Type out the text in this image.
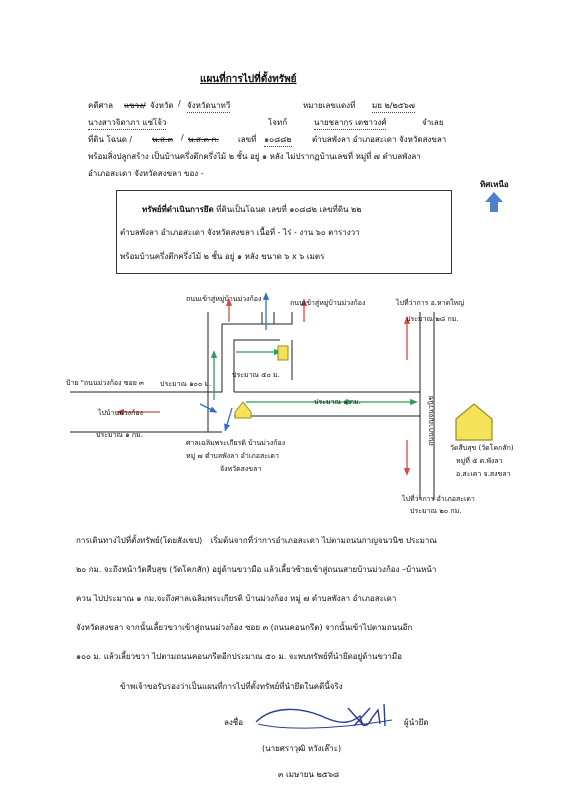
แผนที่การไปที่ตั้งทรัพย์
คดีศาล แขวง/ จังหวัด / จังหวัดนาทวี	หมายเลขแดงที่ มย ๒/๒๕๖๗
นางสาวจิดาภา แซ่โจ้ว	โจทก์	นายชลากร เตชาวงศ์	จำเลย
ที่ดิน โฉนด / น.ส.๓ / น.ส.๓ ก. เลขที่ ๑๐๘๘๒	ตำบลพังลา อำเภอสะเดา จังหวัดสงขลา
พร้อมสิ่งปลูกสร้าง เป็นบ้านครึ่งตึกครึ่งไม้ ๒ ชั้น อยู่ ๑ หลัง ไม่ปรากฏบ้านเลขที่ หมู่ที่ ๗ ตำบลพังลา
อำเภอสะเดา จังหวัดสงขลา ของ -
ทิศเหนือ
ทรัพย์ที่ดำเนินการยึด ที่ดินเป็นโฉนด เลขที่ ๑๐๘๘๒ เลขที่ดิน ๒๒
ตำบลพังลา อำเภอสะเดา จังหวัดสงขลา เนื้อที่ - ไร่ - งาน ๖๐ ตารางวา
พร้อมบ้านครึ่งตึกครึ่งไม้ ๒ ชั้น อยู่ ๑ หลัง ขนาด ๖ x ๖ เมตร
ถนนเข้าสู่หมู่บ้านม่วงก้อง	ถนนเข้าสู่หมู่บ้านม่วงก้อง	ไปที่ว่าการ อ.หาดใหญ่
ประมาณ ๒๘ กม.
ประมาณ ๑๐๐ ม.
ประมาณ ๕๐ ม.
ประมาณ ๑ กม.
ป้าย "ถนนม่วงก้อง ซอย ๓
ไปบ้านม่วงก้อง
ประมาณ ๑ กม.	ถนนกาญจนวนิช
ศาลเฉลิมพระเกียรติ บ้านม่วงก้อง
หมู่ ๗ ตำบลพังลา อำเภอสะเดา
จังหวัดสงขลา
วัดสืบสุข (วัดโคกสัก)
หมู่ที่ ๕ ต.พังลา
อ.สะเดา จ.สงขลา
ไปที่ว่าการ อำเภอสะเดา
ประมาณ ๒๐ กม.
การเดินทางไปที่ตั้งทรัพย์(โดยสังเขป) เริ่มต้นจากที่ว่าการอำเภอสะเดา ไปตามถนนกาญจนวนิช ประมาณ
๒๐ กม. จะถึงหน้าวัดสืบสุข (วัดโคกสัก) อยู่ด้านขวามือ แล้วเลี้ยวซ้ายเข้าสู่ถนนสายบ้านม่วงก้อง –บ้านหน้า
ควน ไปประมาณ ๑ กม.จะถึงศาลเฉลิมพระเกียรติ บ้านม่วงก้อง หมู่ ๗ ตำบลพังลา อำเภอสะเดา
จังหวัดสงขลา จากนั้นเลี้ยวขวาเข้าสู่ถนนม่วงก้อง ซอย ๓ (ถนนคอนกรีต) จากนั้นเข้าไปตามถนนอีก
๑๐๐ ม. แล้วเลี้ยวขวา ไปตามถนนคอนกรีตอีกประมาณ ๕๐ ม. จะพบทรัพย์ที่นำยึดอยู่ด้านขวามือ
ข้าพเจ้าขอรับรองว่าเป็นแผนที่การไปที่ตั้งทรัพย์ที่นำยึดในคดีนี้จริง
ลงชื่อ	ผู้นำยึด
(นายศราวุฒิ หวังเล๊าะ)
๓ เมษายน ๒๕๖๘
